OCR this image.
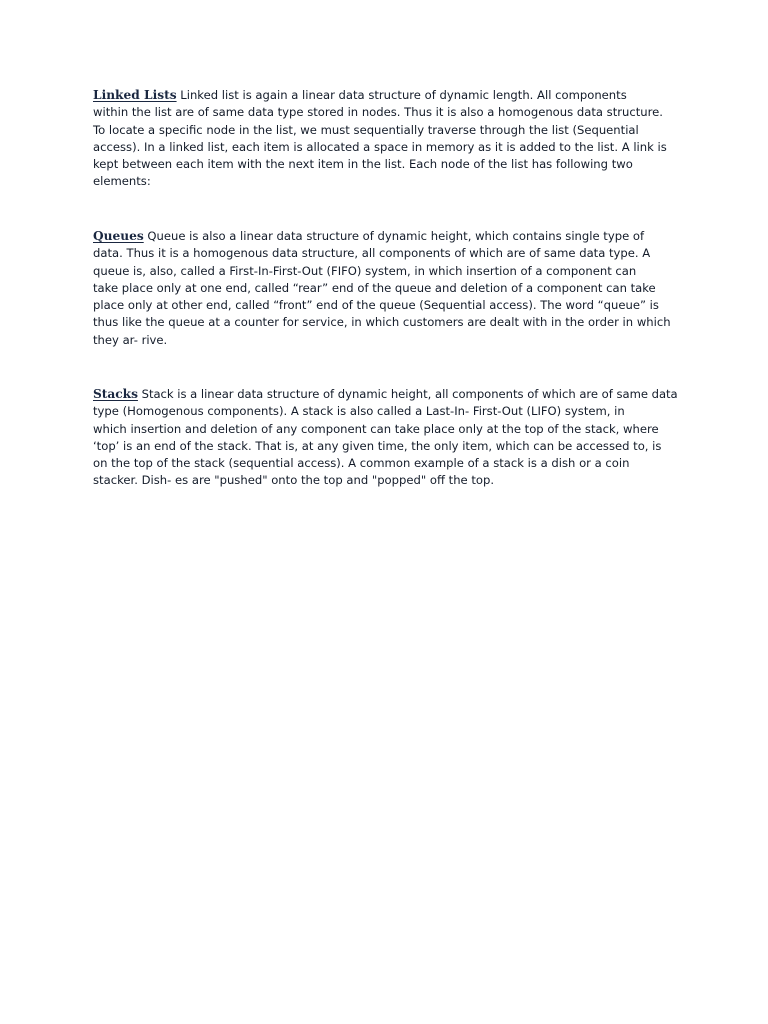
Linked Lists Linked list is again a linear data structure of dynamic length. All components
within the list are of same data type stored in nodes. Thus it is also a homogenous data structure.
To locate a specific node in the list, we must sequentially traverse through the list (Sequential
access). In a linked list, each item is allocated a space in memory as it is added to the list. A link is
kept between each item with the next item in the list. Each node of the list has following two
elements:
Queues Queue is also a linear data structure of dynamic height, which contains single type of
data. Thus it is a homogenous data structure, all components of which are of same data type. A
queue is, also, called a First-In-First-Out (FIFO) system, in which insertion of a component can
take place only at one end, called “rear” end of the queue and deletion of a component can take
place only at other end, called “front” end of the queue (Sequential access). The word “queue” is
thus like the queue at a counter for service, in which customers are dealt with in the order in which
they ar- rive.
Stacks Stack is a linear data structure of dynamic height, all components of which are of same data
type (Homogenous components). A stack is also called a Last-In- First-Out (LIFO) system, in
which insertion and deletion of any component can take place only at the top of the stack, where
‘top’ is an end of the stack. That is, at any given time, the only item, which can be accessed to, is
on the top of the stack (sequential access). A common example of a stack is a dish or a coin
stacker. Dish- es are "pushed" onto the top and "popped" off the top.
